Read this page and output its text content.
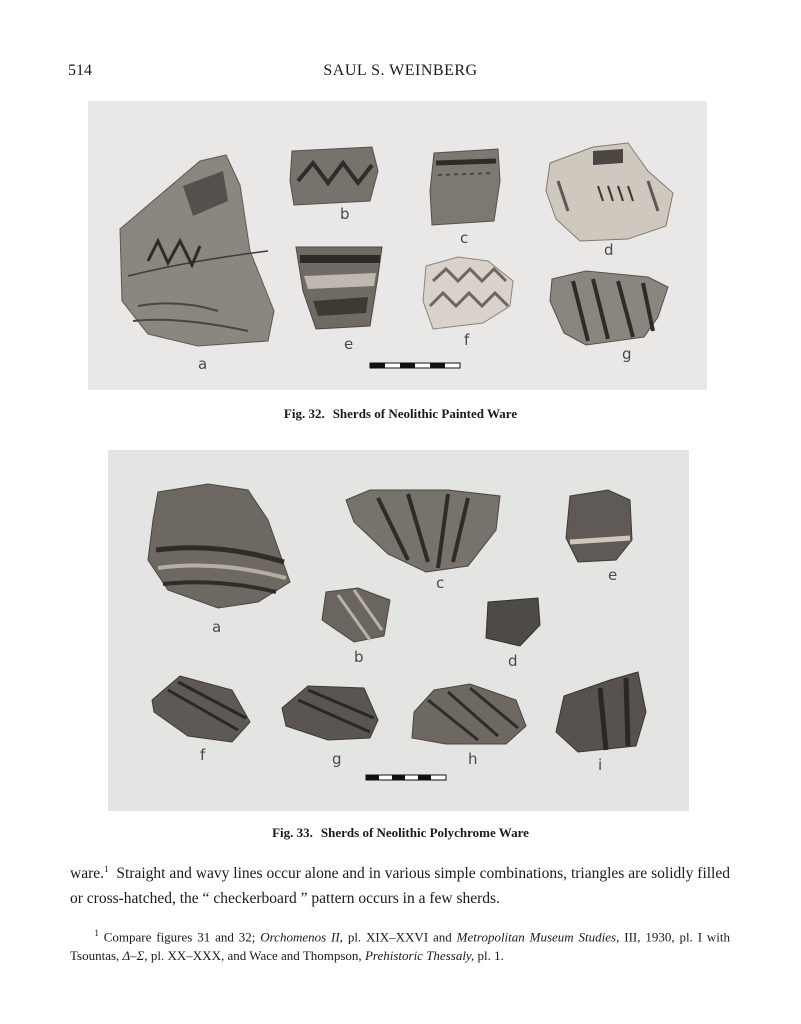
514	SAUL S. WEINBERG
a
b
c
d
e	f
g
Fig. 32. Sherds of Neolithic Painted Ware
a
b
c
d
e
f	g	h	i
Fig. 33. Sherds of Neolithic Polychrome Ware
ware.$^1$ Straight and wavy lines occur alone and in various simple combinations, triangles are solidly filled or cross-hatched, the “ checkerboard ” pattern occurs in a few sherds.
$^1$ Compare figures 31 and 32; Orchomenos II, pl. XIX–XXVI and Metropolitan Museum Studies, III, 1930, pl. I with Tsountas, Δ–Σ, pl. XX–XXX, and Wace and Thompson, Prehistoric Thessaly, pl. 1.
